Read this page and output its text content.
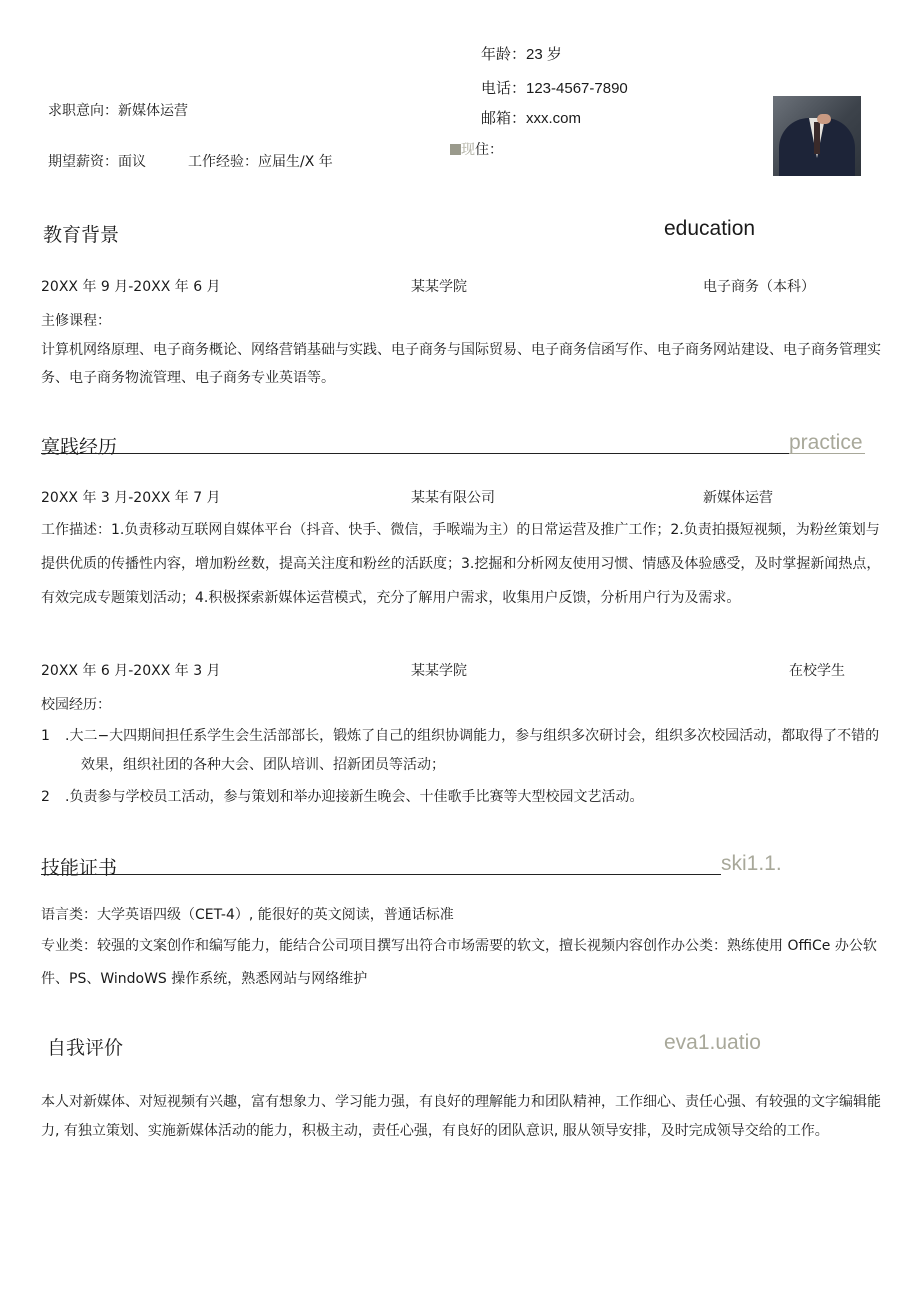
求职意向：新媒体运营
期望薪资：面议	工作经验：应届生/X 年
年龄：23 岁
电话：123-4567-7890
邮箱：xxx.com
现住：
教育背景	education
20XX 年 9 月-20XX 年 6 月	某某学院	电子商务（本科）
主修课程：
计算机网络原理、电子商务概论、网络营销基础与实践、电子商务与国际贸易、电子商务信函写作、电子商务网站建设、电子商务管理实务、电子商务物流管理、电子商务专业英语等。
寞践经历	practice
20XX 年 3 月-20XX 年 7 月	某某有限公司	新媒体运营
工作描述：1.负责移动互联网自媒体平台（抖音、快手、微信，手喉端为主）的日常运营及推广工作；2.负责拍摄短视频，为粉丝策划与提供优质的传播性内容，增加粉丝数，提高关注度和粉丝的活跃度；3.挖掘和分析网友使用习惯、情感及体验感受，及时掌握新闻热点，有效完成专题策划活动；4.积极探索新媒体运营模式，充分了解用户需求，收集用户反馈，分析用户行为及需求。
20XX 年 6 月-20XX 年 3 月	某某学院	在校学生
校园经历：
1	.大二−大四期间担任系学生会生活部部长，锻炼了自己的组织协调能力，参与组织多次研讨会，组织多次校园活动，都取得了不错的效果，组织社团的各种大会、团队培训、招新团员等活动；
2	.负责参与学校员工活动，参与策划和举办迎接新生晚会、十佳歌手比赛等大型校园文艺活动。
技能证书	ski1.1.
语言类：大学英语四级（CET-4）, 能很好的英文阅读，普通话标准
专业类：较强的文案创作和编写能力，能结合公司项目撰写出符合市场需要的软文，擅长视频内容创作办公类：熟练使用 OffiCe 办公软件、PS、WindoWS 操作系统，熟悉网站与网络维护
自我评价	eva1.uatio
本人对新媒体、对短视频有兴趣，富有想象力、学习能力强，有良好的理解能力和团队精神，工作细心、责任心强、有较强的文字编辑能力, 有独立策划、实施新媒体活动的能力，积极主动，责任心强，有良好的团队意识, 服从领导安排，及时完成领导交给的工作。
